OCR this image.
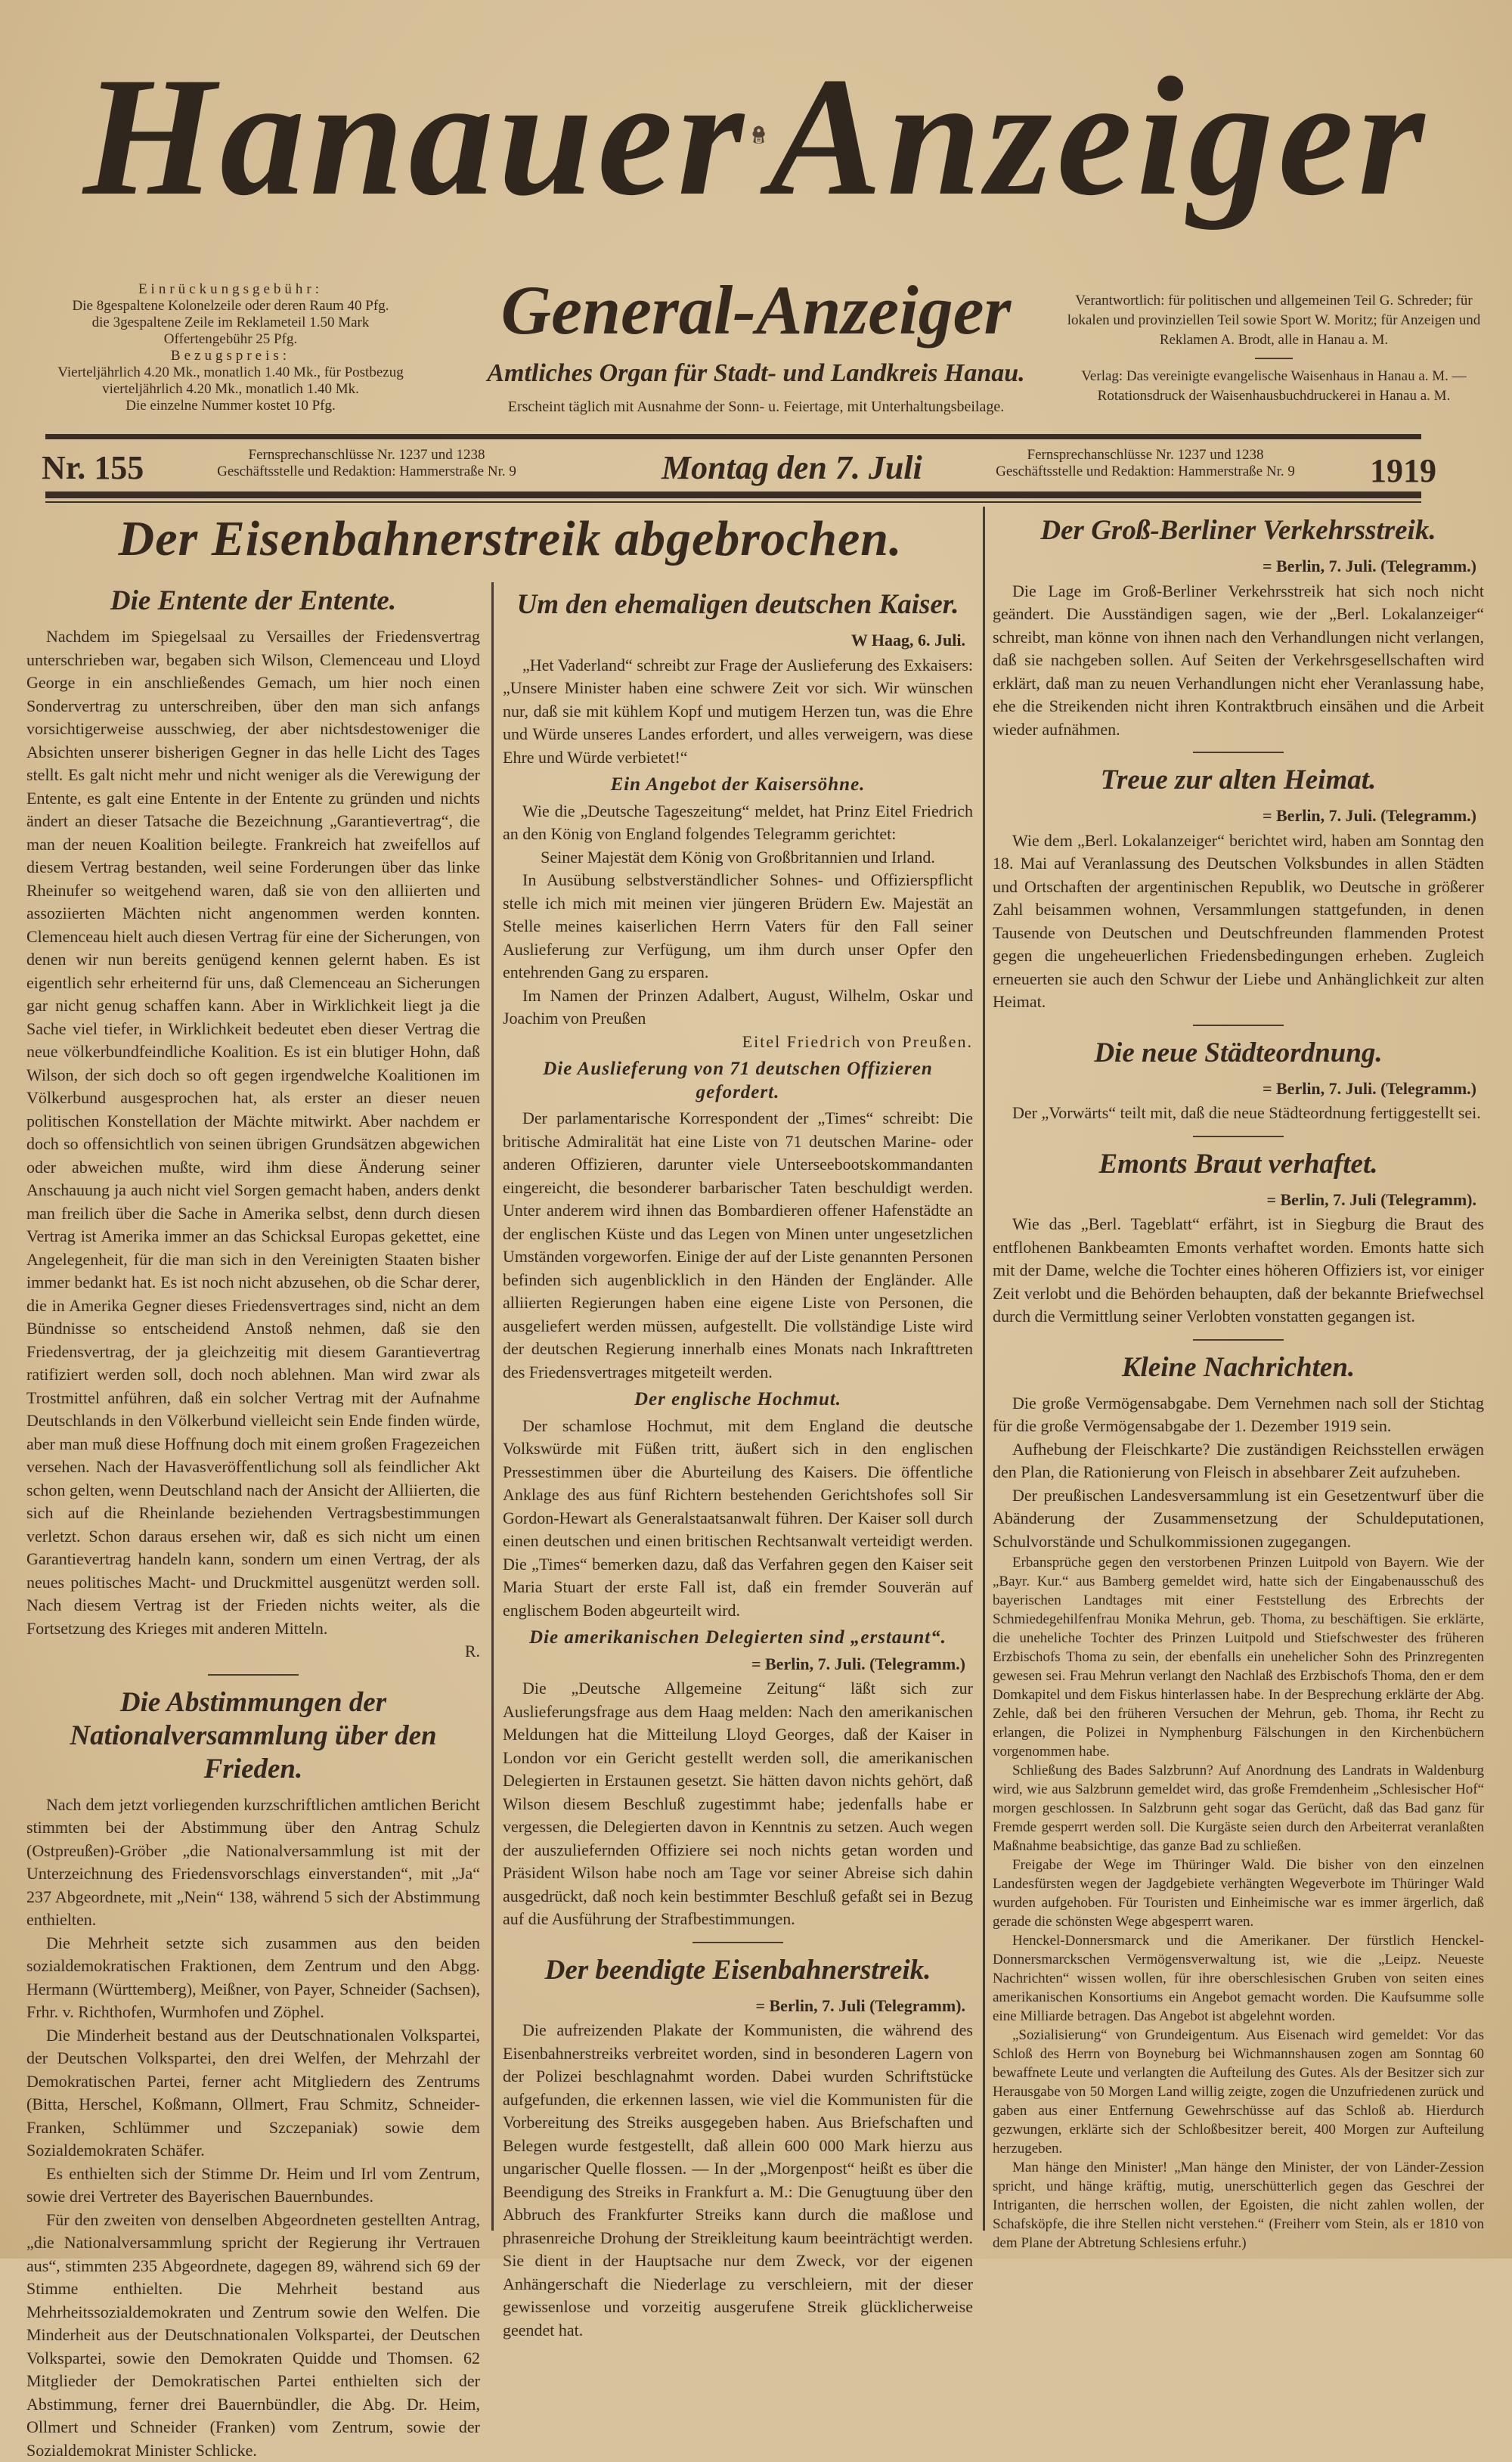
Hanauer Anzeiger
Einrückungsgebühr:
Die 8gespaltene Kolonelzeile oder deren Raum 40 Pfg.
die 3gespaltene Zeile im Reklameteil 1.50 Mark
Offertengebühr 25 Pfg.
Bezugspreis:
Vierteljährlich 4.20 Mk., monatlich 1.40 Mk., für Postbezug vierteljährlich 4.20 Mk., monatlich 1.40 Mk.
Die einzelne Nummer kostet 10 Pfg.
General-Anzeiger
Amtliches Organ für Stadt- und Landkreis Hanau.
Erscheint täglich mit Ausnahme der Sonn- u. Feiertage, mit Unterhaltungsbeilage.
Verantwortlich: für politischen und allgemeinen Teil G. Schreder; für lokalen und provinziellen Teil sowie Sport W. Moritz; für Anzeigen und Reklamen A. Brodt, alle in Hanau a. M.
Verlag: Das vereinigte evangelische Waisenhaus in Hanau a. M. — Rotationsdruck der Waisenhausbuchdruckerei in Hanau a. M.
Nr. 155	Fernsprechanschlüsse Nr. 1237 und 1238
Geschäftsstelle und Redaktion: Hammerstraße Nr. 9	Montag den 7. Juli	Fernsprechanschlüsse Nr. 1237 und 1238
Geschäftsstelle und Redaktion: Hammerstraße Nr. 9	1919
Der Eisenbahnerstreik abgebrochen.
Die Entente der Entente.

Nachdem im Spiegelsaal zu Versailles der Friedensvertrag unterschrieben war, begaben sich Wilson, Clemenceau und Lloyd George in ein anschließendes Gemach, um hier noch einen Sondervertrag zu unterschreiben, über den man sich anfangs vorsichtigerweise ausschwieg, der aber nichtsdestoweniger die Absichten unserer bisherigen Gegner in das helle Licht des Tages stellt. Es galt nicht mehr und nicht weniger als die Verewigung der Entente, es galt eine Entente in der Entente zu gründen und nichts ändert an dieser Tatsache die Bezeichnung „Garantievertrag“, die man der neuen Koalition beilegte. Frankreich hat zweifellos auf diesem Vertrag bestanden, weil seine Forderungen über das linke Rheinufer so weitgehend waren, daß sie von den alliierten und assoziierten Mächten nicht angenommen werden konnten. Clemenceau hielt auch diesen Vertrag für eine der Sicherungen, von denen wir nun bereits genügend kennen gelernt haben. Es ist eigentlich sehr erheiternd für uns, daß Clemenceau an Sicherungen gar nicht genug schaffen kann. Aber in Wirklichkeit liegt ja die Sache viel tiefer, in Wirklichkeit bedeutet eben dieser Vertrag die neue völkerbundfeindliche Koalition. Es ist ein blutiger Hohn, daß Wilson, der sich doch so oft gegen irgendwelche Koalitionen im Völkerbund ausgesprochen hat, als erster an dieser neuen politischen Konstellation der Mächte mitwirkt. Aber nachdem er doch so offensichtlich von seinen übrigen Grundsätzen abgewichen oder abweichen mußte, wird ihm diese Änderung seiner Anschauung ja auch nicht viel Sorgen gemacht haben, anders denkt man freilich über die Sache in Amerika selbst, denn durch diesen Vertrag ist Amerika immer an das Schicksal Europas gekettet, eine Angelegenheit, für die man sich in den Vereinigten Staaten bisher immer bedankt hat. Es ist noch nicht abzusehen, ob die Schar derer, die in Amerika Gegner dieses Friedensvertrages sind, nicht an dem Bündnisse so entscheidend Anstoß nehmen, daß sie den Friedensvertrag, der ja gleichzeitig mit diesem Garantievertrag ratifiziert werden soll, doch noch ablehnen. Man wird zwar als Trostmittel anführen, daß ein solcher Vertrag mit der Aufnahme Deutschlands in den Völkerbund vielleicht sein Ende finden würde, aber man muß diese Hoffnung doch mit einem großen Fragezeichen versehen. Nach der Havasveröffentlichung soll als feindlicher Akt schon gelten, wenn Deutschland nach der Ansicht der Alliierten, die sich auf die Rheinlande beziehenden Vertragsbestimmungen verletzt. Schon daraus ersehen wir, daß es sich nicht um einen Garantievertrag handeln kann, sondern um einen Vertrag, der als neues politisches Macht- und Druckmittel ausgenützt werden soll. Nach diesem Vertrag ist der Frieden nichts weiter, als die Fortsetzung des Krieges mit anderen Mitteln.

R.

Die Abstimmungen der Nationalversammlung über den Frieden.

Nach dem jetzt vorliegenden kurzschriftlichen amtlichen Bericht stimmten bei der Abstimmung über den Antrag Schulz (Ostpreußen)-Gröber „die Nationalversammlung ist mit der Unterzeichnung des Friedensvorschlags einverstanden“, mit „Ja“ 237 Abgeordnete, mit „Nein“ 138, während 5 sich der Abstimmung enthielten.

Die Mehrheit setzte sich zusammen aus den beiden sozialdemokratischen Fraktionen, dem Zentrum und den Abgg. Hermann (Württemberg), Meißner, von Payer, Schneider (Sachsen), Frhr. v. Richthofen, Wurmhofen und Zöphel.

Die Minderheit bestand aus der Deutschnationalen Volkspartei, der Deutschen Volkspartei, den drei Welfen, der Mehrzahl der Demokratischen Partei, ferner acht Mitgliedern des Zentrums (Bitta, Herschel, Koßmann, Ollmert, Frau Schmitz, Schneider-Franken, Schlümmer und Szczepaniak) sowie dem Sozialdemokraten Schäfer.

Es enthielten sich der Stimme Dr. Heim und Irl vom Zentrum, sowie drei Vertreter des Bayerischen Bauernbundes.

Für den zweiten von denselben Abgeordneten gestellten Antrag, „die Nationalversammlung spricht der Regierung ihr Vertrauen aus“, stimmten 235 Abgeordnete, dagegen 89, während sich 69 der Stimme enthielten. Die Mehrheit bestand aus Mehrheitssozialdemokraten und Zentrum sowie den Welfen. Die Minderheit aus der Deutschnationalen Volkspartei, der Deutschen Volkspartei, sowie den Demokraten Quidde und Thomsen. 62 Mitglieder der Demokratischen Partei enthielten sich der Abstimmung, ferner drei Bauernbündler, die Abg. Dr. Heim, Ollmert und Schneider (Franken) vom Zentrum, sowie der Sozialdemokrat Minister Schlicke.

Um den ehemaligen deutschen Kaiser.
W Haag, 6. Juli.

„Het Vaderland“ schreibt zur Frage der Auslieferung des Exkaisers: „Unsere Minister haben eine schwere Zeit vor sich. Wir wünschen nur, daß sie mit kühlem Kopf und mutigem Herzen tun, was die Ehre und Würde unseres Landes erfordert, und alles verweigern, was diese Ehre und Würde verbietet!“

Ein Angebot der Kaisersöhne.

Wie die „Deutsche Tageszeitung“ meldet, hat Prinz Eitel Friedrich an den König von England folgendes Telegramm gerichtet:

Seiner Majestät dem König von Großbritannien und Irland.

In Ausübung selbstverständlicher Sohnes- und Offizierspflicht stelle ich mich mit meinen vier jüngeren Brüdern Ew. Majestät an Stelle meines kaiserlichen Herrn Vaters für den Fall seiner Auslieferung zur Verfügung, um ihm durch unser Opfer den entehrenden Gang zu ersparen.

Im Namen der Prinzen Adalbert, August, Wilhelm, Oskar und Joachim von Preußen

Eitel Friedrich von Preußen.

Die Auslieferung von 71 deutschen Offizieren gefordert.

Der parlamentarische Korrespondent der „Times“ schreibt: Die britische Admiralität hat eine Liste von 71 deutschen Marine- oder anderen Offizieren, darunter viele Unterseebootskommandanten eingereicht, die besonderer barbarischer Taten beschuldigt werden. Unter anderem wird ihnen das Bombardieren offener Hafenstädte an der englischen Küste und das Legen von Minen unter ungesetzlichen Umständen vorgeworfen. Einige der auf der Liste genannten Personen befinden sich augenblicklich in den Händen der Engländer. Alle alliierten Regierungen haben eine eigene Liste von Personen, die ausgeliefert werden müssen, aufgestellt. Die vollständige Liste wird der deutschen Regierung innerhalb eines Monats nach Inkrafttreten des Friedensvertrages mitgeteilt werden.

Der englische Hochmut.

Der schamlose Hochmut, mit dem England die deutsche Volkswürde mit Füßen tritt, äußert sich in den englischen Pressestimmen über die Aburteilung des Kaisers. Die öffentliche Anklage des aus fünf Richtern bestehenden Gerichtshofes soll Sir Gordon-Hewart als Generalstaatsanwalt führen. Der Kaiser soll durch einen deutschen und einen britischen Rechtsanwalt verteidigt werden. Die „Times“ bemerken dazu, daß das Verfahren gegen den Kaiser seit Maria Stuart der erste Fall ist, daß ein fremder Souverän auf englischem Boden abgeurteilt wird.

Die amerikanischen Delegierten sind „erstaunt“.
= Berlin, 7. Juli. (Telegramm.)

Die „Deutsche Allgemeine Zeitung“ läßt sich zur Auslieferungsfrage aus dem Haag melden: Nach den amerikanischen Meldungen hat die Mitteilung Lloyd Georges, daß der Kaiser in London vor ein Gericht gestellt werden soll, die amerikanischen Delegierten in Erstaunen gesetzt. Sie hätten davon nichts gehört, daß Wilson diesem Beschluß zugestimmt habe; jedenfalls habe er vergessen, die Delegierten davon in Kenntnis zu setzen. Auch wegen der auszuliefernden Offiziere sei noch nichts getan worden und Präsident Wilson habe noch am Tage vor seiner Abreise sich dahin ausgedrückt, daß noch kein bestimmter Beschluß gefaßt sei in Bezug auf die Ausführung der Strafbestimmungen.

Der beendigte Eisenbahnerstreik.
= Berlin, 7. Juli (Telegramm).

Die aufreizenden Plakate der Kommunisten, die während des Eisenbahnerstreiks verbreitet worden, sind in besonderen Lagern von der Polizei beschlagnahmt worden. Dabei wurden Schriftstücke aufgefunden, die erkennen lassen, wie viel die Kommunisten für die Vorbereitung des Streiks ausgegeben haben. Aus Briefschaften und Belegen wurde festgestellt, daß allein 600 000 Mark hierzu aus ungarischer Quelle flossen. — In der „Morgenpost“ heißt es über die Beendigung des Streiks in Frankfurt a. M.: Die Genugtuung über den Abbruch des Frankfurter Streiks kann durch die maßlose und phrasenreiche Drohung der Streikleitung kaum beeinträchtigt werden. Sie dient in der Hauptsache nur dem Zweck, vor der eigenen Anhängerschaft die Niederlage zu verschleiern, mit der dieser gewissenlose und vorzeitig ausgerufene Streik glücklicherweise geendet hat.

Der Groß-Berliner Verkehrsstreik.
= Berlin, 7. Juli. (Telegramm.)

Die Lage im Groß-Berliner Verkehrsstreik hat sich noch nicht geändert. Die Ausständigen sagen, wie der „Berl. Lokalanzeiger“ schreibt, man könne von ihnen nach den Verhandlungen nicht verlangen, daß sie nachgeben sollen. Auf Seiten der Verkehrsgesellschaften wird erklärt, daß man zu neuen Verhandlungen nicht eher Veranlassung habe, ehe die Streikenden nicht ihren Kontraktbruch einsähen und die Arbeit wieder aufnähmen.

Treue zur alten Heimat.
= Berlin, 7. Juli. (Telegramm.)

Wie dem „Berl. Lokalanzeiger“ berichtet wird, haben am Sonntag den 18. Mai auf Veranlassung des Deutschen Volksbundes in allen Städten und Ortschaften der argentinischen Republik, wo Deutsche in größerer Zahl beisammen wohnen, Versammlungen stattgefunden, in denen Tausende von Deutschen und Deutschfreunden flammenden Protest gegen die ungeheuerlichen Friedensbedingungen erheben. Zugleich erneuerten sie auch den Schwur der Liebe und Anhänglichkeit zur alten Heimat.

Die neue Städteordnung.
= Berlin, 7. Juli. (Telegramm.)

Der „Vorwärts“ teilt mit, daß die neue Städteordnung fertiggestellt sei.

Emonts Braut verhaftet.
= Berlin, 7. Juli (Telegramm).

Wie das „Berl. Tageblatt“ erfährt, ist in Siegburg die Braut des entflohenen Bankbeamten Emonts verhaftet worden. Emonts hatte sich mit der Dame, welche die Tochter eines höheren Offiziers ist, vor einiger Zeit verlobt und die Behörden behaupten, daß der bekannte Briefwechsel durch die Vermittlung seiner Verlobten vonstatten gegangen ist.

Kleine Nachrichten.

Die große Vermögensabgabe. Dem Vernehmen nach soll der Stichtag für die große Vermögensabgabe der 1. Dezember 1919 sein.

Aufhebung der Fleischkarte? Die zuständigen Reichsstellen erwägen den Plan, die Rationierung von Fleisch in absehbarer Zeit aufzuheben.

Der preußischen Landesversammlung ist ein Gesetzentwurf über die Abänderung der Zusammensetzung der Schuldeputationen, Schulvorstände und Schulkommissionen zugegangen.

Erbansprüche gegen den verstorbenen Prinzen Luitpold von Bayern. Wie der „Bayr. Kur.“ aus Bamberg gemeldet wird, hatte sich der Eingabenausschuß des bayerischen Landtages mit einer Feststellung des Erbrechts der Schmiedegehilfenfrau Monika Mehrun, geb. Thoma, zu beschäftigen. Sie erklärte, die uneheliche Tochter des Prinzen Luitpold und Stiefschwester des früheren Erzbischofs Thoma zu sein, der ebenfalls ein unehelicher Sohn des Prinzregenten gewesen sei. Frau Mehrun verlangt den Nachlaß des Erzbischofs Thoma, den er dem Domkapitel und dem Fiskus hinterlassen habe. In der Besprechung erklärte der Abg. Zehle, daß bei den früheren Versuchen der Mehrun, geb. Thoma, ihr Recht zu erlangen, die Polizei in Nymphenburg Fälschungen in den Kirchenbüchern vorgenommen habe.

Schließung des Bades Salzbrunn? Auf Anordnung des Landrats in Waldenburg wird, wie aus Salzbrunn gemeldet wird, das große Fremdenheim „Schlesischer Hof“ morgen geschlossen. In Salzbrunn geht sogar das Gerücht, daß das Bad ganz für Fremde gesperrt werden soll. Die Kurgäste seien durch den Arbeiterrat veranlaßten Maßnahme beabsichtige, das ganze Bad zu schließen.

Freigabe der Wege im Thüringer Wald. Die bisher von den einzelnen Landesfürsten wegen der Jagdgebiete verhängten Wegeverbote im Thüringer Wald wurden aufgehoben. Für Touristen und Einheimische war es immer ärgerlich, daß gerade die schönsten Wege abgesperrt waren.

Henckel-Donnersmarck und die Amerikaner. Der fürstlich Henckel-Donnersmarckschen Vermögensverwaltung ist, wie die „Leipz. Neueste Nachrichten“ wissen wollen, für ihre oberschlesischen Gruben von seiten eines amerikanischen Konsortiums ein Angebot gemacht worden. Die Kaufsumme solle eine Milliarde betragen. Das Angebot ist abgelehnt worden.

„Sozialisierung“ von Grundeigentum. Aus Eisenach wird gemeldet: Vor das Schloß des Herrn von Boyneburg bei Wichmannshausen zogen am Sonntag 60 bewaffnete Leute und verlangten die Aufteilung des Gutes. Als der Besitzer sich zur Herausgabe von 50 Morgen Land willig zeigte, zogen die Unzufriedenen zurück und gaben aus einer Entfernung Gewehrschüsse auf das Schloß ab. Hierdurch gezwungen, erklärte sich der Schloßbesitzer bereit, 400 Morgen zur Aufteilung herzugeben.

Man hänge den Minister! „Man hänge den Minister, der von Länder-Zession spricht, und hänge kräftig, mutig, unerschütterlich gegen das Geschrei der Intriganten, die herrschen wollen, der Egoisten, die nicht zahlen wollen, der Schafsköpfe, die ihre Stellen nicht verstehen.“ (Freiherr vom Stein, als er 1810 von dem Plane der Abtretung Schlesiens erfuhr.)
